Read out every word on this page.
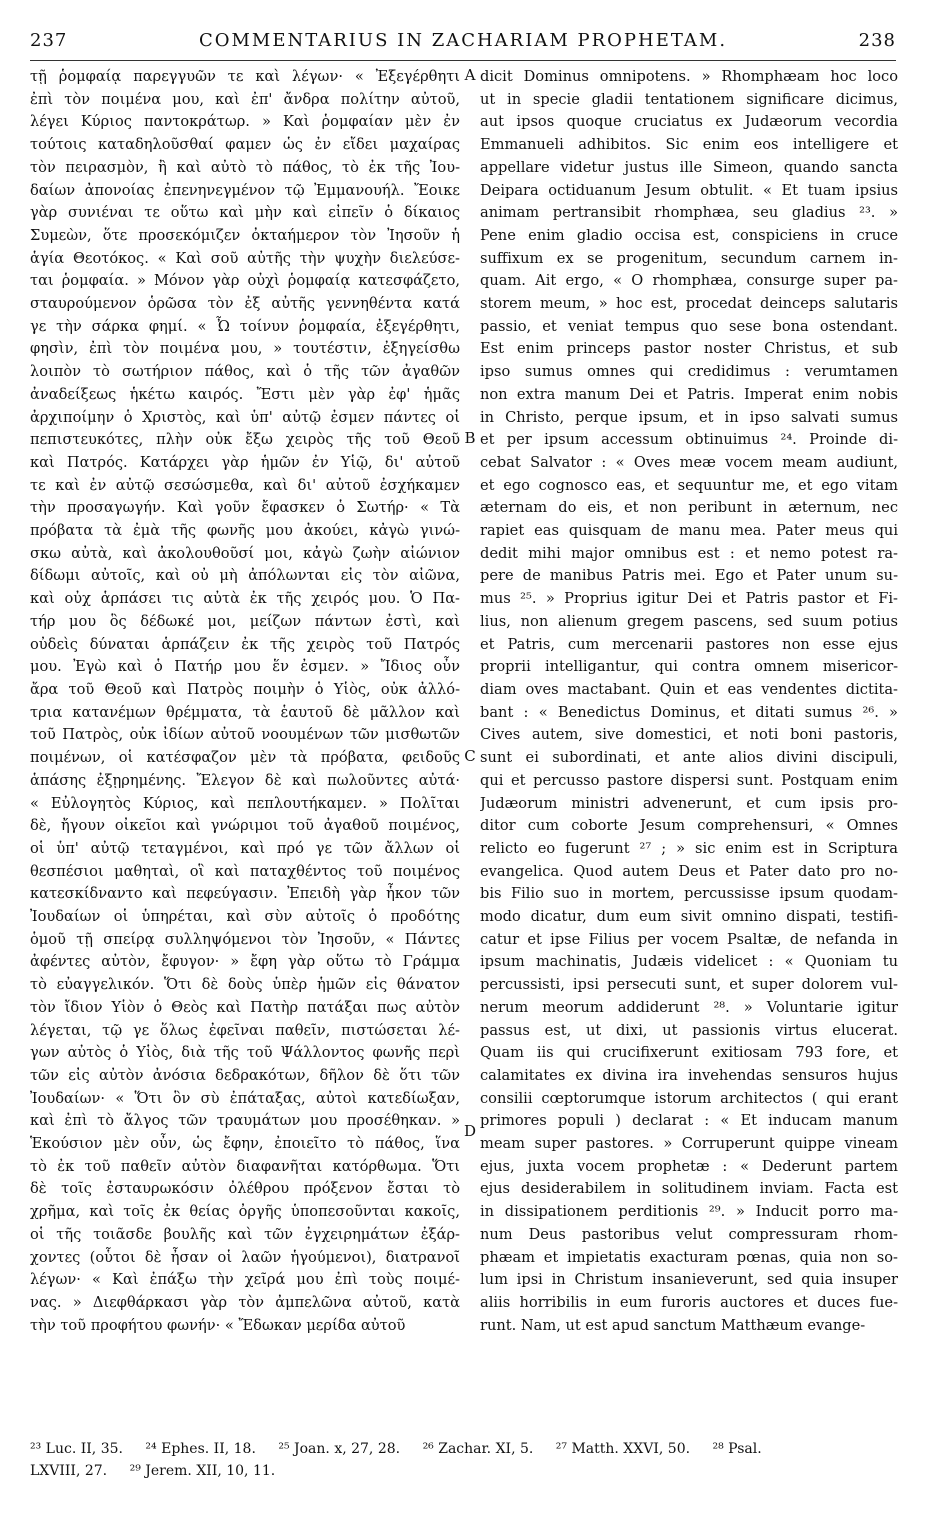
237	COMMENTARIUS IN ZACHARIAM PROPHETAM.	238
τῇ ῥομφαίᾳ παρεγγυῶν τε καὶ λέγων· « Ἐξεγέρθητι
ἐπὶ τὸν ποιμένα μου, καὶ ἐπ' ἄνδρα πολίτην αὐτοῦ,
λέγει Κύριος παντοκράτωρ. » Καὶ ῥομφαίαν μὲν ἐν
τούτοις καταδηλοῦσθαί φαμεν ὡς ἐν εἴδει μαχαίρας
τὸν πειρασμὸν, ἢ καὶ αὐτὸ τὸ πάθος, τὸ ἐκ τῆς Ἰου-
δαίων ἀπονοίας ἐπενηνεγμένον τῷ Ἐμμανουήλ. Ἔοικε
γὰρ συνιέναι τε οὕτω καὶ μὴν καὶ εἰπεῖν ὁ δίκαιος
Συμεὼν, ὅτε προσεκόμιζεν ὀκταήμερον τὸν Ἰησοῦν ἡ
ἁγία Θεοτόκος. « Καὶ σοῦ αὐτῆς τὴν ψυχὴν διελεύσε-
ται ῥομφαία. » Μόνον γὰρ οὐχὶ ῥομφαίᾳ κατεσφάζετο,
σταυρούμενον ὁρῶσα τὸν ἐξ αὐτῆς γεννηθέντα κατά
γε τὴν σάρκα φημί. « Ὦ τοίνυν ῥομφαία, ἐξεγέρθητι,
φησὶν, ἐπὶ τὸν ποιμένα μου, » τουτέστιν, ἐξηγείσθω
λοιπὸν τὸ σωτήριον πάθος, καὶ ὁ τῆς τῶν ἀγαθῶν
ἀναδείξεως ἡκέτω καιρός. Ἔστι μὲν γὰρ ἐφ' ἡμᾶς
ἀρχιποίμην ὁ Χριστὸς, καὶ ὑπ' αὐτῷ ἐσμεν πάντες οἱ
πεπιστευκότες, πλὴν οὐκ ἔξω χειρὸς τῆς τοῦ Θεοῦ
καὶ Πατρός. Κατάρχει γὰρ ἡμῶν ἐν Υἱῷ, δι' αὐτοῦ
τε καὶ ἐν αὐτῷ σεσώσμεθα, καὶ δι' αὐτοῦ ἐσχήκαμεν
τὴν προσαγωγήν. Καὶ γοῦν ἔφασκεν ὁ Σωτήρ· « Τὰ
πρόβατα τὰ ἐμὰ τῆς φωνῆς μου ἀκούει, κἀγὼ γινώ-
σκω αὐτὰ, καὶ ἀκολουθοῦσί μοι, κἀγὼ ζωὴν αἰώνιον
δίδωμι αὐτοῖς, καὶ οὐ μὴ ἀπόλωνται εἰς τὸν αἰῶνα,
καὶ οὐχ ἁρπάσει τις αὐτὰ ἐκ τῆς χειρός μου. Ὁ Πα-
τήρ μου ὃς δέδωκέ μοι, μείζων πάντων ἐστὶ, καὶ
οὐδεὶς δύναται ἁρπάζειν ἐκ τῆς χειρὸς τοῦ Πατρός
μου. Ἐγὼ καὶ ὁ Πατήρ μου ἕν ἐσμεν. » Ἴδιος οὖν
ἄρα τοῦ Θεοῦ καὶ Πατρὸς ποιμὴν ὁ Υἱὸς, οὐκ ἀλλό-
τρια κατανέμων θρέμματα, τὰ ἑαυτοῦ δὲ μᾶλλον καὶ
τοῦ Πατρὸς, οὐκ ἰδίων αὐτοῦ νοουμένων τῶν μισθωτῶν
ποιμένων, οἱ κατέσφαζον μὲν τὰ πρόβατα, φειδοῦς
ἁπάσης ἐξῃρημένης. Ἔλεγον δὲ καὶ πωλοῦντες αὐτά·
« Εὐλογητὸς Κύριος, καὶ πεπλουτήκαμεν. » Πολῖται
δὲ, ἤγουν οἰκεῖοι καὶ γνώριμοι τοῦ ἀγαθοῦ ποιμένος,
οἱ ὑπ' αὐτῷ τεταγμένοι, καὶ πρό γε τῶν ἄλλων οἱ
θεσπέσιοι μαθηταὶ, οἳ καὶ παταχθέντος τοῦ ποιμένος
κατεσκίδναντο καὶ πεφεύγασιν. Ἐπειδὴ γὰρ ἧκον τῶν
Ἰουδαίων οἱ ὑπηρέται, καὶ σὺν αὐτοῖς ὁ προδότης
ὁμοῦ τῇ σπείρᾳ συλληψόμενοι τὸν Ἰησοῦν, « Πάντες
ἀφέντες αὐτὸν, ἔφυγον· » ἔφη γὰρ οὕτω τὸ Γράμμα
τὸ εὐαγγελικόν. Ὅτι δὲ δοὺς ὑπὲρ ἡμῶν εἰς θάνατον
τὸν ἴδιον Υἱὸν ὁ Θεὸς καὶ Πατὴρ πατάξαι πως αὐτὸν
λέγεται, τῷ γε ὅλως ἐφεῖναι παθεῖν, πιστώσεται λέ-
γων αὐτὸς ὁ Υἱὸς, διὰ τῆς τοῦ Ψάλλοντος φωνῆς περὶ
τῶν εἰς αὐτὸν ἀνόσια δεδρακότων, δῆλον δὲ ὅτι τῶν
Ἰουδαίων· « Ὅτι ὃν σὺ ἐπάταξας, αὐτοὶ κατεδίωξαν,
καὶ ἐπὶ τὸ ἄλγος τῶν τραυμάτων μου προσέθηκαν. »
Ἑκούσιον μὲν οὖν, ὡς ἔφην, ἐποιεῖτο τὸ πάθος, ἵνα
τὸ ἐκ τοῦ παθεῖν αὐτὸν διαφανῆται κατόρθωμα. Ὅτι
δὲ τοῖς ἐσταυρωκόσιν ὀλέθρου πρόξενον ἔσται τὸ
χρῆμα, καὶ τοῖς ἐκ θείας ὀργῆς ὑποπεσοῦνται κακοῖς,
οἱ τῆς τοιᾶσδε βουλῆς καὶ τῶν ἐγχειρημάτων ἐξάρ-
χοντες (οὗτοι δὲ ἦσαν οἱ λαῶν ἡγούμενοι), διατρανοῖ
λέγων· « Καὶ ἐπάξω τὴν χεῖρά μου ἐπὶ τοὺς ποιμέ-
νας. » Διεφθάρκασι γὰρ τὸν ἀμπελῶνα αὐτοῦ, κατὰ
τὴν τοῦ προφήτου φωνήν· « Ἔδωκαν μερίδα αὐτοῦ
dicit Dominus omnipotens. » Rhomphæam hoc loco
ut in specie gladii tentationem significare dicimus,
aut ipsos quoque cruciatus ex Judæorum vecordia
Emmanueli adhibitos. Sic enim eos intelligere et
appellare videtur justus ille Simeon, quando sancta
Deipara octiduanum Jesum obtulit. « Et tuam ipsius
animam pertransibit rhomphæa, seu gladius ²³. »
Pene enim gladio occisa est, conspiciens in cruce
suffixum ex se progenitum, secundum carnem in-
quam. Ait ergo, « O rhomphæa, consurge super pa-
storem meum, » hoc est, procedat deinceps salutaris
passio, et veniat tempus quo sese bona ostendant.
Est enim princeps pastor noster Christus, et sub
ipso sumus omnes qui credidimus : verumtamen
non extra manum Dei et Patris. Imperat enim nobis
in Christo, perque ipsum, et in ipso salvati sumus
et per ipsum accessum obtinuimus ²⁴. Proinde di-
cebat Salvator : « Oves meæ vocem meam audiunt,
et ego cognosco eas, et sequuntur me, et ego vitam
æternam do eis, et non peribunt in æternum, nec
rapiet eas quisquam de manu mea. Pater meus qui
dedit mihi major omnibus est : et nemo potest ra-
pere de manibus Patris mei. Ego et Pater unum su-
mus ²⁵. » Proprius igitur Dei et Patris pastor et Fi-
lius, non alienum gregem pascens, sed suum potius
et Patris, cum mercenarii pastores non esse ejus
proprii intelligantur, qui contra omnem misericor-
diam oves mactabant. Quin et eas vendentes dictita-
bant : « Benedictus Dominus, et ditati sumus ²⁶. »
Cives autem, sive domestici, et noti boni pastoris,
sunt ei subordinati, et ante alios divini discipuli,
qui et percusso pastore dispersi sunt. Postquam enim
Judæorum ministri advenerunt, et cum ipsis pro-
ditor cum coborte Jesum comprehensuri, « Omnes
relicto eo fugerunt ²⁷ ; » sic enim est in Scriptura
evangelica. Quod autem Deus et Pater dato pro no-
bis Filio suo in mortem, percussisse ipsum quodam-
modo dicatur, dum eum sivit omnino dispati, testifi-
catur et ipse Filius per vocem Psaltæ, de nefanda in
ipsum machinatis, Judæis videlicet : « Quoniam tu
percussisti, ipsi persecuti sunt, et super dolorem vul-
nerum meorum addiderunt ²⁸. » Voluntarie igitur
passus est, ut dixi, ut passionis virtus elucerat.
Quam iis qui crucifixerunt exitiosam 793 fore, et
calamitates ex divina ira invehendas sensuros hujus
consilii cœptorumque istorum architectos ( qui erant
primores populi ) declarat : « Et inducam manum
meam super pastores. » Corruperunt quippe vineam
ejus, juxta vocem prophetæ : « Dederunt partem
ejus desiderabilem in solitudinem inviam. Facta est
in dissipationem perditionis ²⁹. » Inducit porro ma-
num Deus pastoribus velut compressuram rhom-
phæam et impietatis exacturam pœnas, quia non so-
lum ipsi in Christum insanieverunt, sed quia insuper
aliis horribilis in eum furoris auctores et duces fue-
runt. Nam, ut est apud sanctum Matthæum evange-
A
B
C
D
²³ Luc. II, 35. ²⁴ Ephes. II, 18. ²⁵ Joan. x, 27, 28. ²⁶ Zachar. XI, 5. ²⁷ Matth. XXVI, 50. ²⁸ Psal.
LXVIII, 27. ²⁹ Jerem. XII, 10, 11.
